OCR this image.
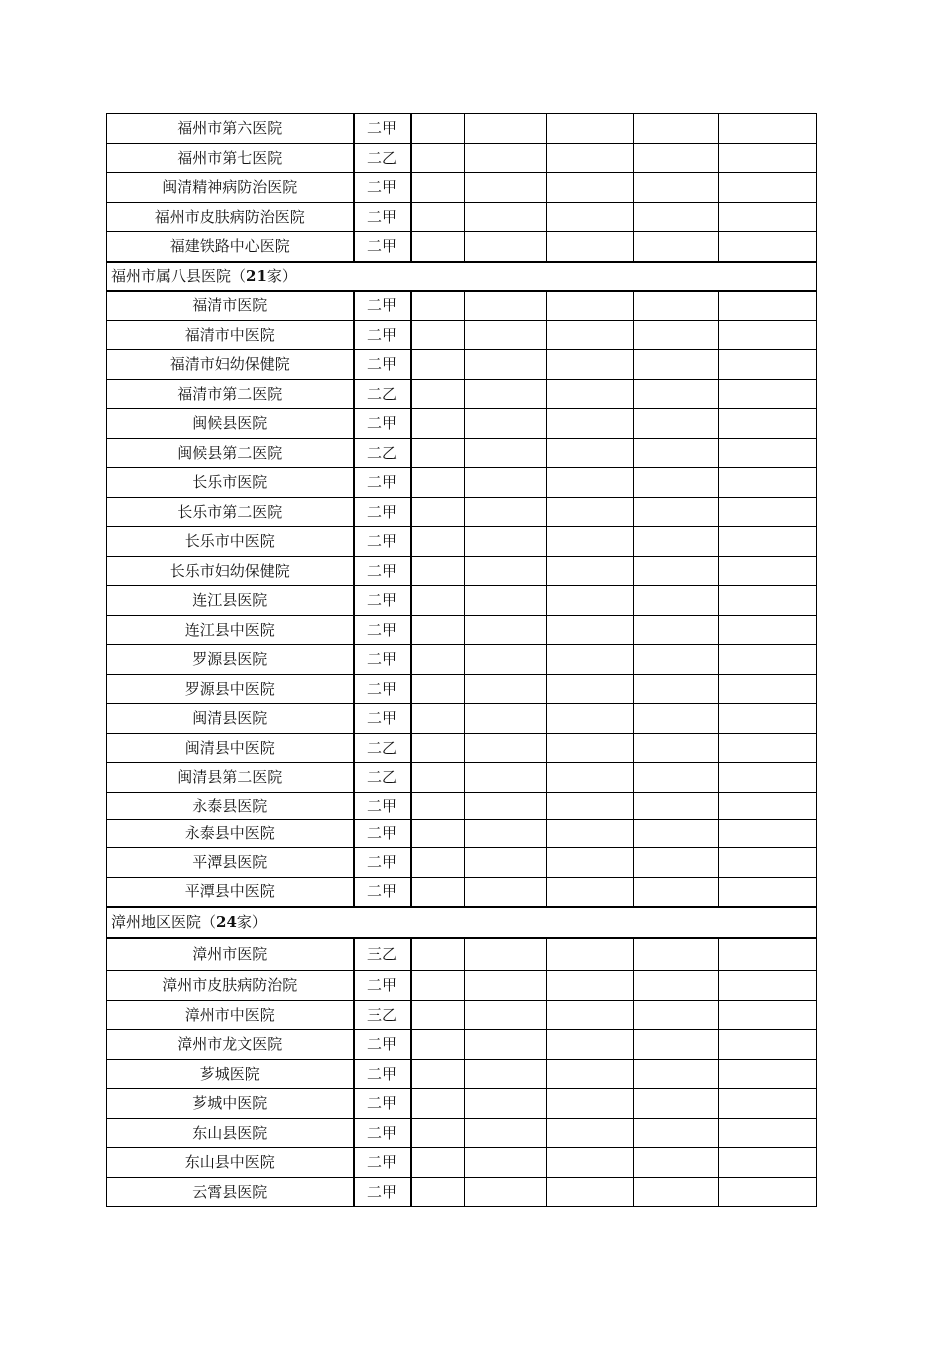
福州市第六医院	二甲					
福州市第七医院	二乙					
闽清精神病防治医院	二甲					
福州市皮肤病防治医院	二甲					
福建铁路中心医院	二甲					
福州市属八县医院（21家）						
福清市医院	二甲					
福清市中医院	二甲					
福清市妇幼保健院	二甲					
福清市第二医院	二乙					
闽候县医院	二甲					
闽候县第二医院	二乙					
长乐市医院	二甲					
长乐市第二医院	二甲					
长乐市中医院	二甲					
长乐市妇幼保健院	二甲					
连江县医院	二甲					
连江县中医院	二甲					
罗源县医院	二甲					
罗源县中医院	二甲					
闽清县医院	二甲					
闽清县中医院	二乙					
闽清县第二医院	二乙					
永泰县医院	二甲					
永泰县中医院	二甲					
平潭县医院	二甲					
平潭县中医院	二甲					
漳州地区医院（24家）						
漳州市医院	三乙					
漳州市皮肤病防治院	二甲					
漳州市中医院	三乙					
漳州市龙文医院	二甲					
芗城医院	二甲					
芗城中医院	二甲					
东山县医院	二甲					
东山县中医院	二甲					
云霄县医院	二甲					
